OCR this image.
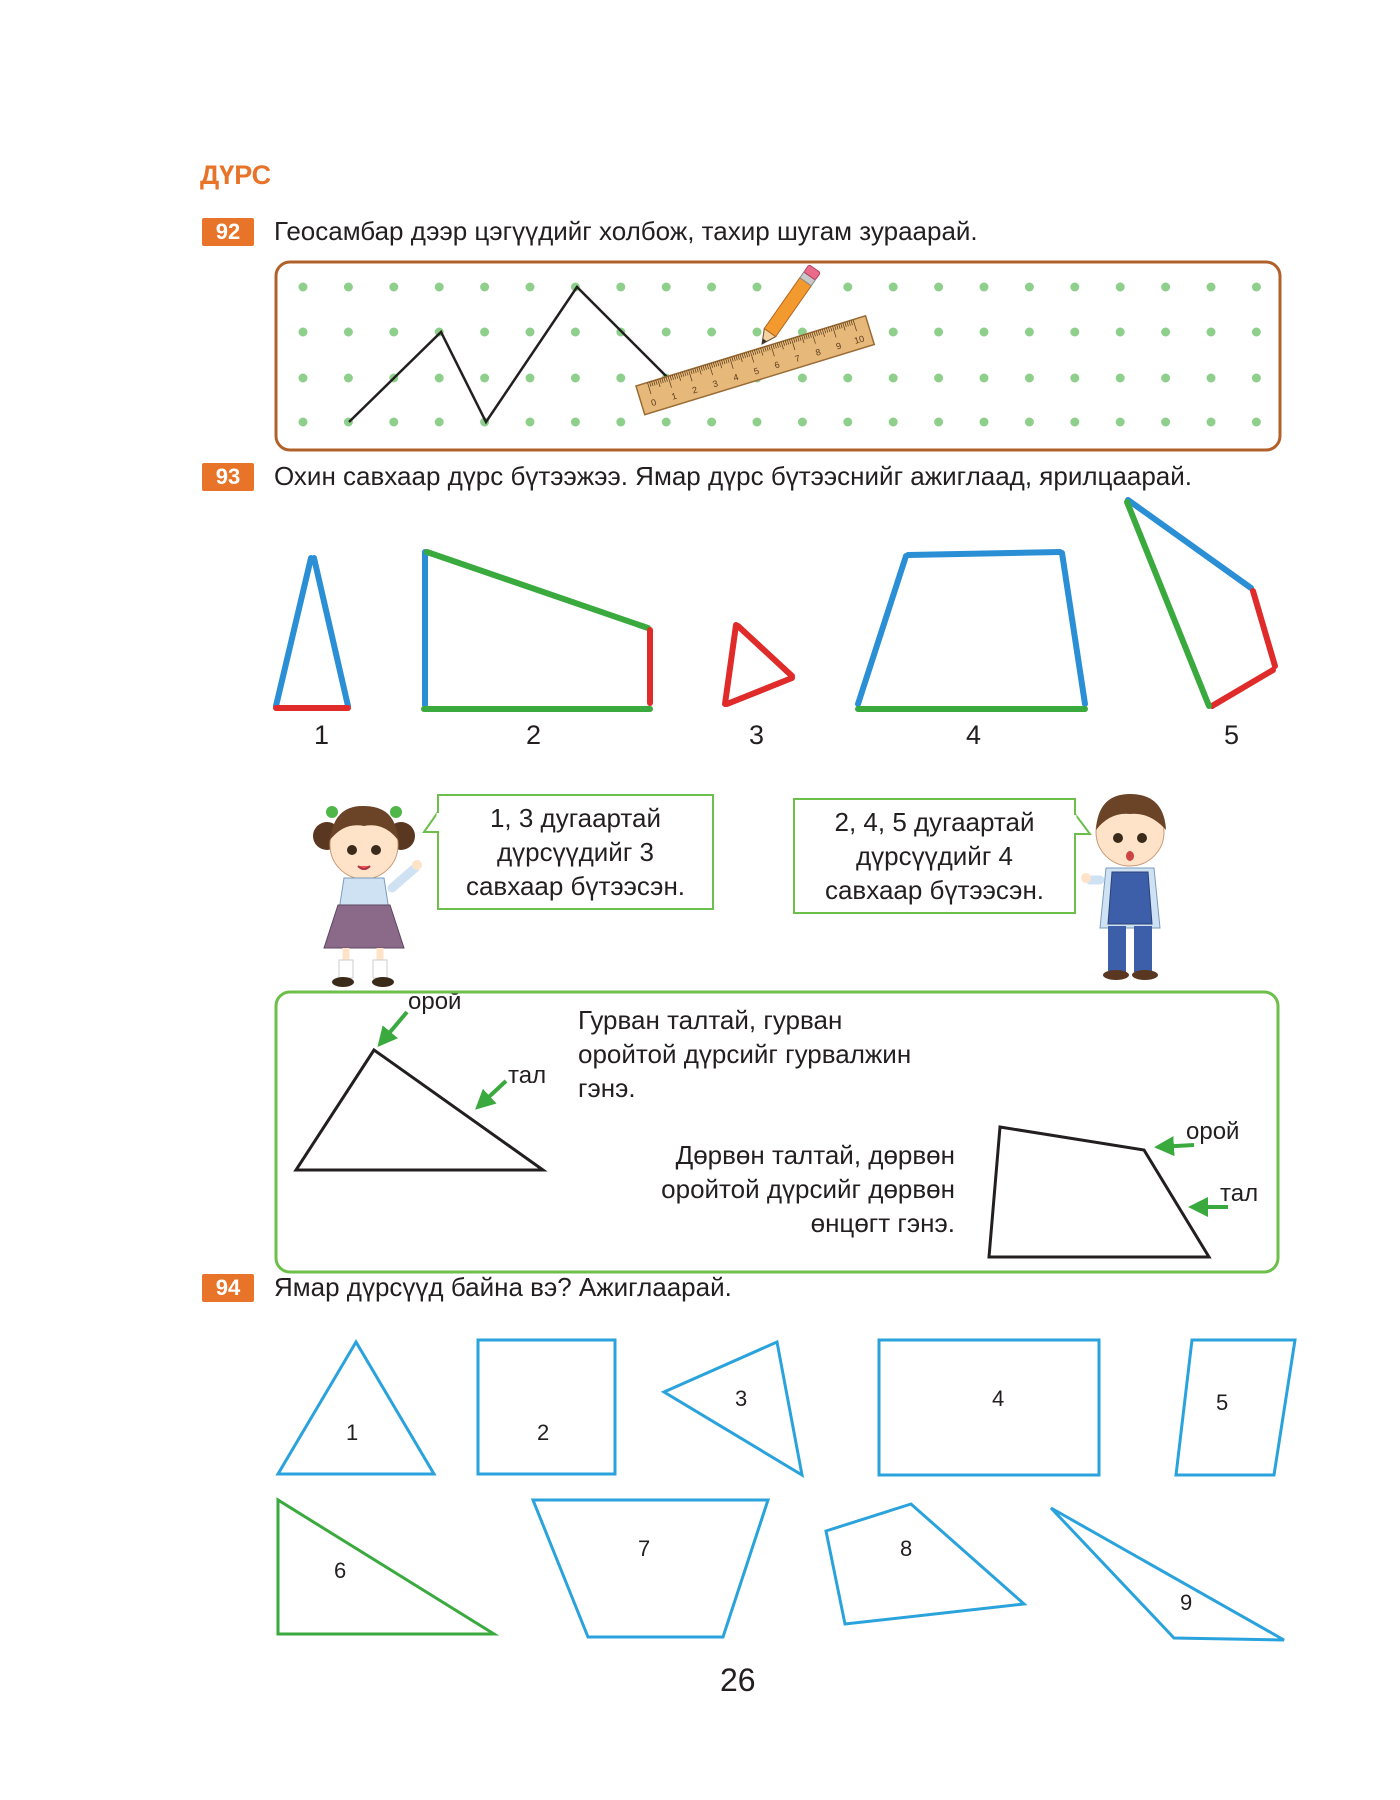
ДҮРС
92	Геосамбар дээр цэгүүдийг холбож, тахир шугам зураарай.
93	Охин савхаар дүрс бүтээжээ. Ямар дүрс бүтээснийг ажиглаад, ярилцаарай.
1	2	3	4	5
1, 3 дугаартай
дүрсүүдийг 3
савхаар бүтээсэн.
2, 4, 5 дугаартай
дүрсүүдийг 4
савхаар бүтээсэн.
орой
тал
Гурван талтай, гурван
оройтой дүрсийг гурвалжин
гэнэ.
Дөрвөн талтай, дөрвөн
оройтой дүрсийг дөрвөн
өнцөгт гэнэ.
орой
тал
94	Ямар дүрсүүд байна вэ? Ажиглаарай.
1	2
3	4	5
6
7	8
9
26
0
1
2
3
4
5
6
7
8
9
10
